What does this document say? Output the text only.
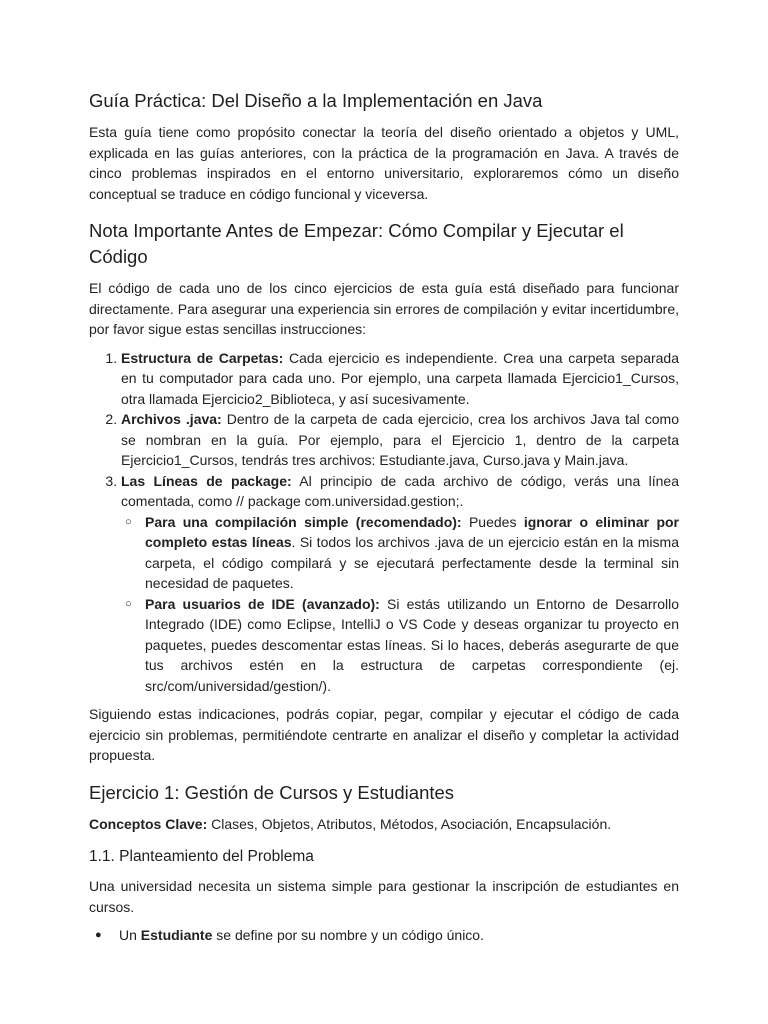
Guía Práctica: Del Diseño a la Implementación en Java

Esta guía tiene como propósito conectar la teoría del diseño orientado a objetos y UML, explicada en las guías anteriores, con la práctica de la programación en Java. A través de cinco problemas inspirados en el entorno universitario, exploraremos cómo un diseño conceptual se traduce en código funcional y viceversa.

Nota Importante Antes de Empezar: Cómo Compilar y Ejecutar el Código

El código de cada uno de los cinco ejercicios de esta guía está diseñado para funcionar directamente. Para asegurar una experiencia sin errores de compilación y evitar incertidumbre, por favor sigue estas sencillas instrucciones:

1. Estructura de Carpetas: Cada ejercicio es independiente. Crea una carpeta separada en tu computador para cada uno. Por ejemplo, una carpeta llamada Ejercicio1_Cursos, otra llamada Ejercicio2_Biblioteca, y así sucesivamente.
2. Archivos .java: Dentro de la carpeta de cada ejercicio, crea los archivos Java tal como se nombran en la guía. Por ejemplo, para el Ejercicio 1, dentro de la carpeta Ejercicio1_Cursos, tendrás tres archivos: Estudiante.java, Curso.java y Main.java.
3. Las Líneas de package: Al principio de cada archivo de código, verás una línea comentada, como // package com.universidad.gestion;.
○ Para una compilación simple (recomendado): Puedes ignorar o eliminar por completo estas líneas. Si todos los archivos .java de un ejercicio están en la misma carpeta, el código compilará y se ejecutará perfectamente desde la terminal sin necesidad de paquetes.
○ Para usuarios de IDE (avanzado): Si estás utilizando un Entorno de Desarrollo Integrado (IDE) como Eclipse, IntelliJ o VS Code y deseas organizar tu proyecto en paquetes, puedes descomentar estas líneas. Si lo haces, deberás asegurarte de que tus archivos estén en la estructura de carpetas correspondiente (ej. src/com/universidad/gestion/).

Siguiendo estas indicaciones, podrás copiar, pegar, compilar y ejecutar el código de cada ejercicio sin problemas, permitiéndote centrarte en analizar el diseño y completar la actividad propuesta.

Ejercicio 1: Gestión de Cursos y Estudiantes

Conceptos Clave: Clases, Objetos, Atributos, Métodos, Asociación, Encapsulación.

1.1. Planteamiento del Problema

Una universidad necesita un sistema simple para gestionar la inscripción de estudiantes en cursos.

● Un Estudiante se define por su nombre y un código único.
